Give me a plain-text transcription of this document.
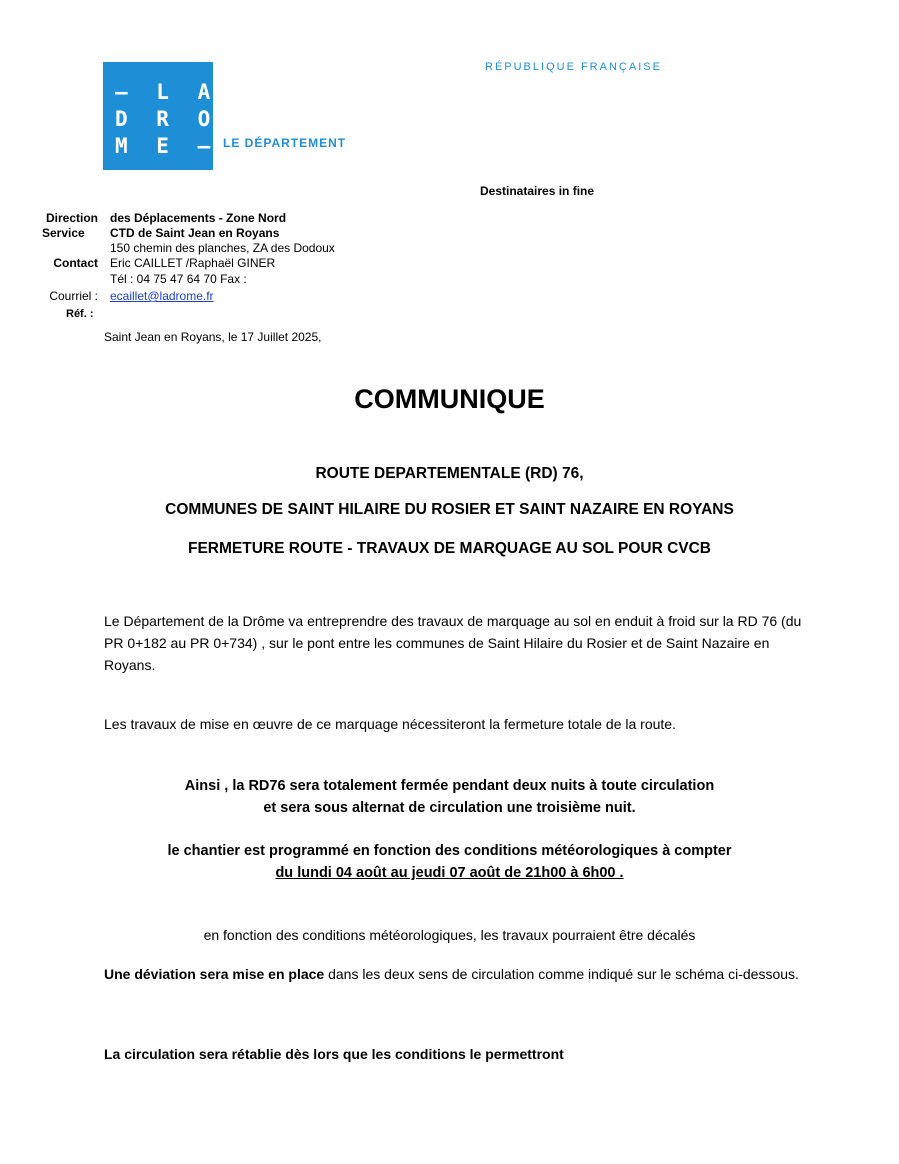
– L A
D R O
M E – LE DÉPARTEMENT
RÉPUBLIQUE FRANÇAISE
Destinataires in fine
Direction des Déplacements - Zone Nord
Service	CTD de Saint Jean en Royans
150 chemin des planches, ZA des Dodoux
Contact Eric CAILLET /Raphaël GINER
Tél : 04 75 47 64 70 Fax :
Courriel : ecaillet@ladrome.fr
Réf. :
Saint Jean en Royans, le 17 Juillet 2025,
COMMUNIQUE
ROUTE DEPARTEMENTALE (RD) 76,
COMMUNES DE SAINT HILAIRE DU ROSIER ET SAINT NAZAIRE EN ROYANS
FERMETURE ROUTE - TRAVAUX DE MARQUAGE AU SOL POUR CVCB
Le Département de la Drôme va entreprendre des travaux de marquage au sol en enduit à froid sur la RD 76 (du PR 0+182 au PR 0+734) , sur le pont entre les communes de Saint Hilaire du Rosier et de Saint Nazaire en Royans.
Les travaux de mise en œuvre de ce marquage nécessiteront la fermeture totale de la route.
Ainsi , la RD76 sera totalement fermée pendant deux nuits à toute circulation
et sera sous alternat de circulation une troisième nuit.
le chantier est programmé en fonction des conditions météorologiques à compter
du lundi 04 août au jeudi 07 août de 21h00 à 6h00 .
en fonction des conditions météorologiques, les travaux pourraient être décalés
Une déviation sera mise en place dans les deux sens de circulation comme indiqué sur le schéma ci-dessous.
La circulation sera rétablie dès lors que les conditions le permettront
